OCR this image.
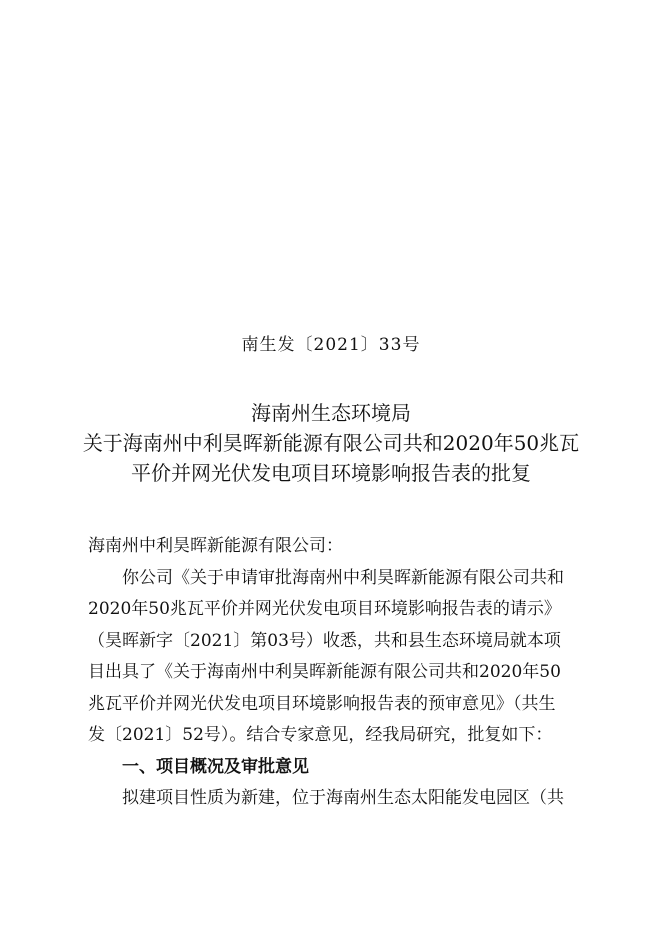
南生发〔2021〕33号
海南州生态环境局
关于海南州中利昊晖新能源有限公司共和2020年50兆瓦
平价并网光伏发电项目环境影响报告表的批复
海南州中利昊晖新能源有限公司：
你公司《关于申请审批海南州中利昊晖新能源有限公司共和
2020年50兆瓦平价并网光伏发电项目环境影响报告表的请示》
（昊晖新字〔2021〕第03号）收悉，共和县生态环境局就本项
目出具了《关于海南州中利昊晖新能源有限公司共和2020年50
兆瓦平价并网光伏发电项目环境影响报告表的预审意见》（共生
发〔2021〕52号）。结合专家意见，经我局研究，批复如下：
一、项目概况及审批意见
拟建项目性质为新建，位于海南州生态太阳能发电园区（共
